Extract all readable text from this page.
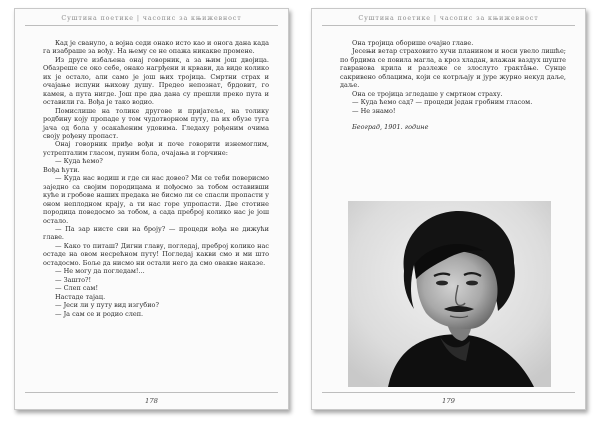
Суштина поетике | часопис за књижевност

Кад је свануло, а војна седи онако исто као и онога дана када га изабраше за вођу. На њему се не опажа никакве промене.

Из друге избаљена онај говорник, а за њим још двојица. Обазреше се око себе, онако нагрђени и крвави, да виде колико их је остало, али само је још њих тројица. Смртни страх и очајање испуни њихову душу. Предео непознат, брдовит, го камен, а пута нигде. Још пре два дана су прешли преко пута и оставили га. Вођа је тако водио.

Помислише на толике другове и пријатеље, на толику родбину коју пропаде у том чудотворном путу, па их обузе туга јача од бола у осакаћеним удовима. Гледаху рођеним очима своју рођену пропаст.

Онај говорник приђе вођи и поче говорити изнемоглим, устрепталим гласом, пуним бола, очајања и горчине:

— Куда ћемо?

Вођа ћути.

— Куда нас водиш и где си нас довео? Ми се теби поверисмо заједно са својим породицама и пођосмо за тобом оставивши куће и гробове наших предака не бисмо ли се спасли пропасти у оном неплодном крају, а ти нас горе упропасти. Две стотине породица поведосмо за тобом, а сада преброј колико нас је још остало.

— Па зар нисте сви на броју? — процеди вођа не дижући главе.

— Како то питаш? Дигни главу, погледај, преброј колико нас остаде на овом несрећном путу! Погледај какви смо и ми што остадосмо. Боље да нисмо ни остали него да смо овакве наказе.

— Не могу да погледам!...

— Зашто?!

— Слеп сам!

Настаде тајац.

— Јеси ли у путу вид изгубио?

— Ја сам се и родио слеп.

178
Суштина поетике | часопис за књижевност

Она тројица оборише очајно главе.

Јесењи ветар страховито хучи планином и носи увело лишће; по брдима се повила магла, а кроз хладан, влажан ваздух шуште гавранова крила и разлеже се злослуто гракта̂ње. Сунце сакривено облацима, који се котрљају и јуре журно некуд даље, даље.

Она се тројица згледаше у смртном страху.

— Куда ћемо сад? — процеди један гробним гласом.

— Не знамо!

Београд, 1901. године

179
